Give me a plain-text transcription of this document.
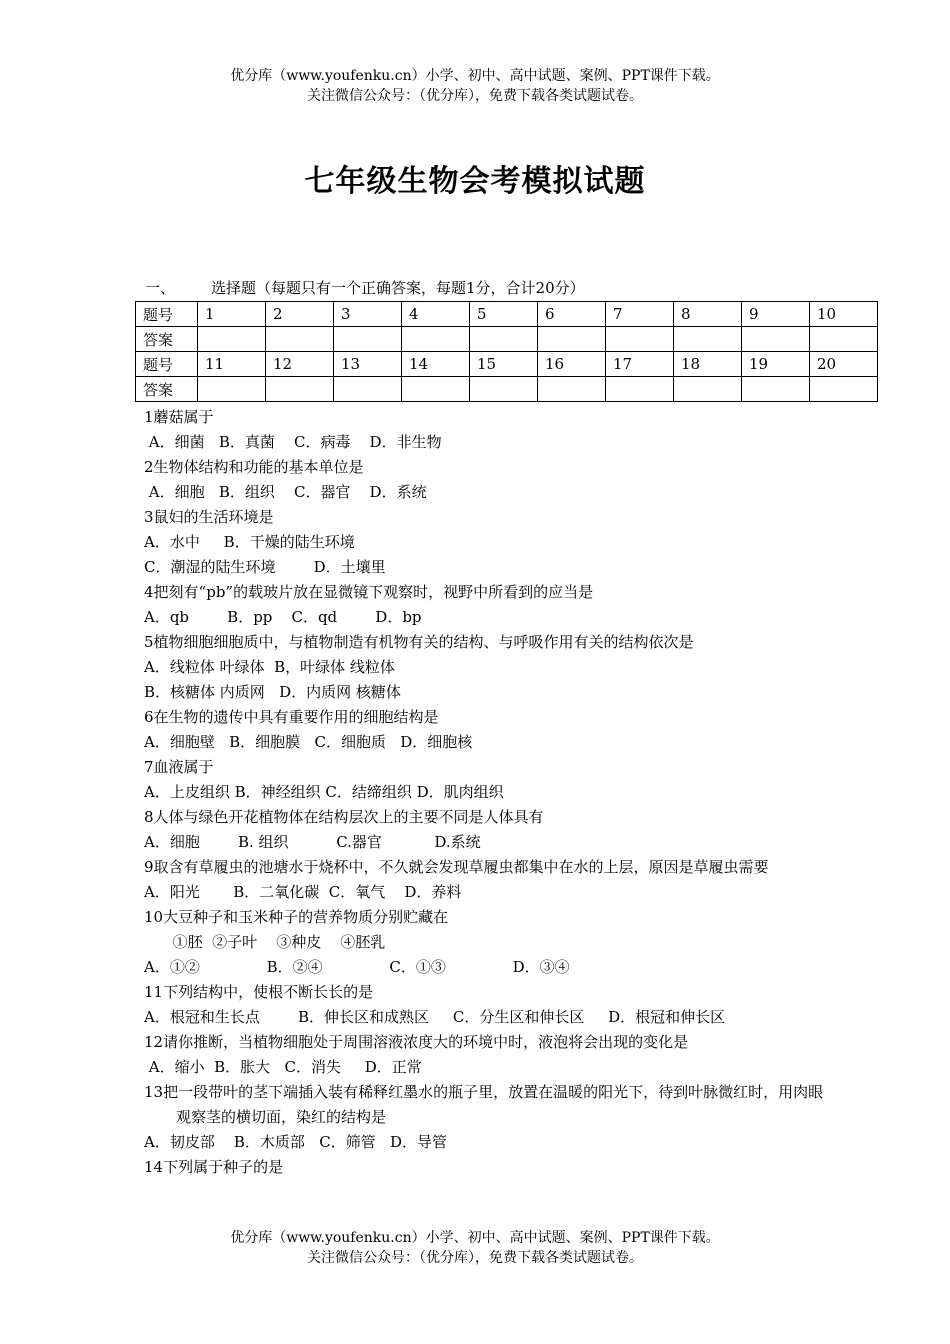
优分库（www.youfenku.cn）小学、初中、高中试题、案例、PPT课件下载。
关注微信公众号：（优分库），免费下载各类试题试卷。
七年级生物会考模拟试题
一、 选择题（每题只有一个正确答案，每题1分，合计20分）
题号	1	2	3	4	5	6	7	8	9	10
答案										
题号	11	12	13	14	15	16	17	18	19	20
答案										
1蘑菇属于
A．细菌   B．真菌    C．病毒    D．非生物
2生物体结构和功能的基本单位是
A．细胞   B．组织    C．器官    D．系统
3鼠妇的生活环境是
A．水中     B．干燥的陆生环境
C．潮湿的陆生环境        D．土壤里
4把刻有“pb”的载玻片放在显微镜下观察时，视野中所看到的应当是
A．qb        B．pp    C．qd        D．bp
5植物细胞细胞质中，与植物制造有机物有关的结构、与呼吸作用有关的结构依次是
A．线粒体 叶绿体  B，叶绿体 线粒体
B．核糖体 内质网   D．内质网 核糖体
6在生物的遗传中具有重要作用的细胞结构是
A．细胞壁   B．细胞膜   C．细胞质   D．细胞核
7血液属于
A．上皮组织 B．神经组织 C．结缔组织 D．肌肉组织
8人体与绿色开花植物体在结构层次上的主要不同是人体具有
A．细胞        B. 组织          C.器官           D.系统
9取含有草履虫的池塘水于烧杯中，不久就会发现草履虫都集中在水的上层，原因是草履虫需要
A．阳光       B．二氧化碳  C．氧气    D．养料
10大豆种子和玉米种子的营养物质分别贮藏在
①胚  ②子叶    ③种皮    ④胚乳
A．①②              B．②④              C．①③              D．③④
11下列结构中，使根不断长长的是
A．根冠和生长点        B．伸长区和成熟区     C．分生区和伸长区     D．根冠和伸长区
12请你推断，当植物细胞处于周围溶液浓度大的环境中时，液泡将会出现的变化是
A．缩小  B．胀大   C．消失     D．正常
13把一段带叶的茎下端插入装有稀释红墨水的瓶子里，放置在温暖的阳光下，待到叶脉微红时，用肉眼观察茎的横切面，染红的结构是
A．韧皮部    B．木质部   C．筛管   D．导管
14下列属于种子的是
优分库（www.youfenku.cn）小学、初中、高中试题、案例、PPT课件下载。
关注微信公众号：（优分库），免费下载各类试题试卷。
